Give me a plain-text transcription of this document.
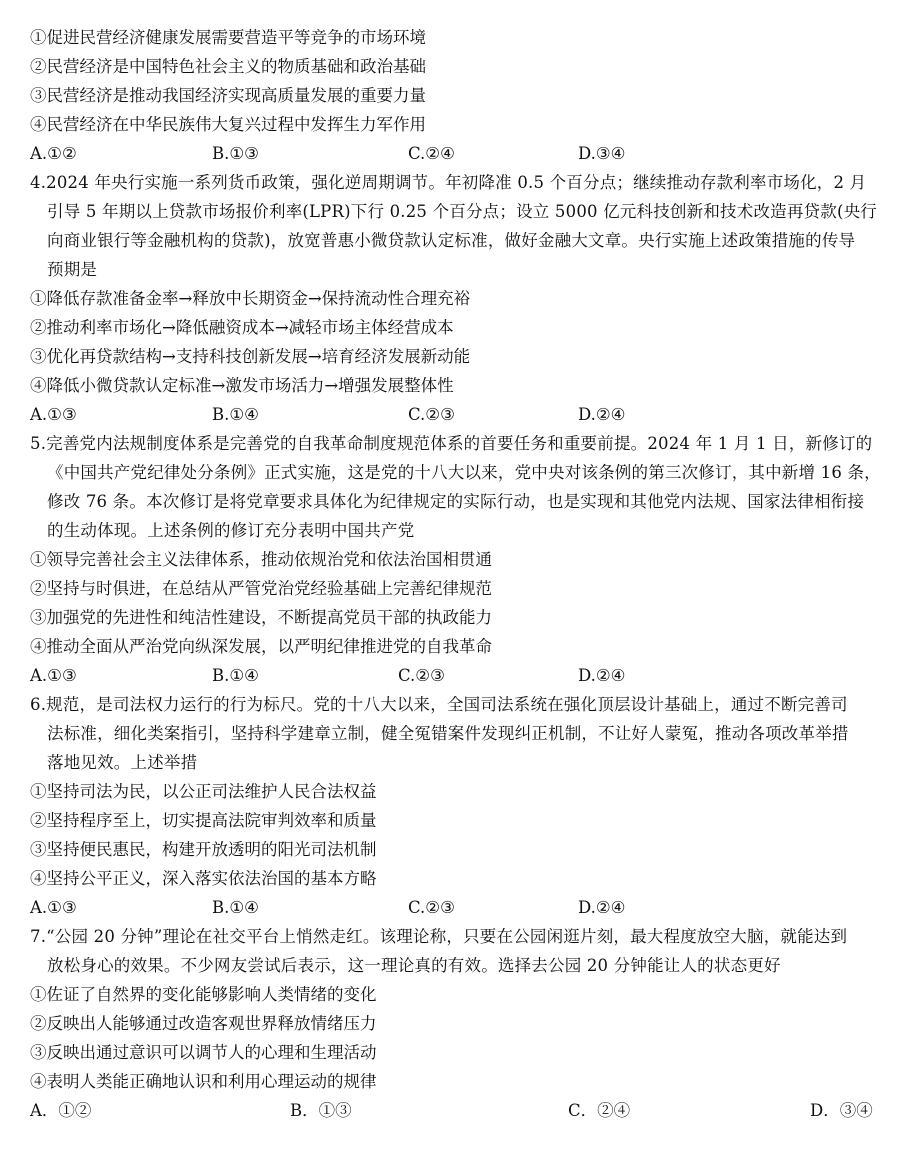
①促进民营经济健康发展需要营造平等竞争的市场环境
②民营经济是中国特色社会主义的物质基础和政治基础
③民营经济是推动我国经济实现高质量发展的重要力量
④民营经济在中华民族伟大复兴过程中发挥生力军作用
A.①②	B.①③	C.②④	D.③④
4.2024 年央行实施一系列货币政策，强化逆周期调节。年初降准 0.5 个百分点；继续推动存款利率市场化，2 月
引导 5 年期以上贷款市场报价利率(LPR)下行 0.25 个百分点；设立 5000 亿元科技创新和技术改造再贷款(央行
向商业银行等金融机构的贷款)，放宽普惠小微贷款认定标准，做好金融大文章。央行实施上述政策措施的传导
预期是
①降低存款准备金率→释放中长期资金→保持流动性合理充裕
②推动利率市场化→降低融资成本→减轻市场主体经营成本
③优化再贷款结构→支持科技创新发展→培育经济发展新动能
④降低小微贷款认定标准→激发市场活力→增强发展整体性
A.①③	B.①④	C.②③	D.②④
5.完善党内法规制度体系是完善党的自我革命制度规范体系的首要任务和重要前提。2024 年 1 月 1 日，新修订的
《中国共产党纪律处分条例》正式实施，这是党的十八大以来，党中央对该条例的第三次修订，其中新增 16 条，
修改 76 条。本次修订是将党章要求具体化为纪律规定的实际行动，也是实现和其他党内法规、国家法律相衔接
的生动体现。上述条例的修订充分表明中国共产党
①领导完善社会主义法律体系，推动依规治党和依法治国相贯通
②坚持与时俱进，在总结从严管党治党经验基础上完善纪律规范
③加强党的先进性和纯洁性建设，不断提高党员干部的执政能力
④推动全面从严治党向纵深发展，以严明纪律推进党的自我革命
A.①③	B.①④	C.②③	D.②④
6.规范，是司法权力运行的行为标尺。党的十八大以来，全国司法系统在强化顶层设计基础上，通过不断完善司
法标准，细化类案指引，坚持科学建章立制，健全冤错案件发现纠正机制，不让好人蒙冤，推动各项改革举措
落地见效。上述举措
①坚持司法为民，以公正司法维护人民合法权益
②坚持程序至上，切实提高法院审判效率和质量
③坚持便民惠民，构建开放透明的阳光司法机制
④坚持公平正义，深入落实依法治国的基本方略
A.①③	B.①④	C.②③	D.②④
7.“公园 20 分钟”理论在社交平台上悄然走红。该理论称，只要在公园闲逛片刻，最大程度放空大脑，就能达到
放松身心的效果。不少网友尝试后表示，这一理论真的有效。选择去公园 20 分钟能让人的状态更好
①佐证了自然界的变化能够影响人类情绪的变化
②反映出人能够通过改造客观世界释放情绪压力
③反映出通过意识可以调节人的心理和生理活动
④表明人类能正确地认识和利用心理运动的规律
A．①②	B．①③	C．②④	D．③④
